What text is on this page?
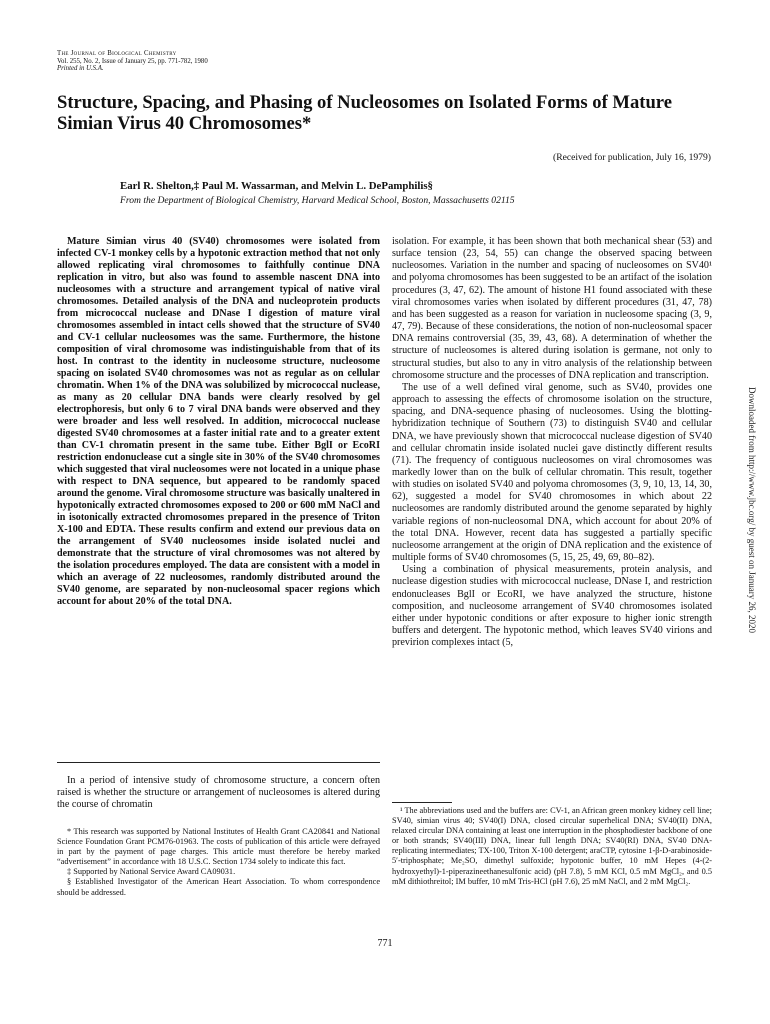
The Journal of Biological Chemistry
Vol. 255, No. 2, Issue of January 25, pp. 771-782, 1980
Printed in U.S.A.
Structure, Spacing, and Phasing of Nucleosomes on Isolated Forms of Mature Simian Virus 40 Chromosomes*
(Received for publication, July 16, 1979)
Earl R. Shelton,‡ Paul M. Wassarman, and Melvin L. DePamphilis§
From the Department of Biological Chemistry, Harvard Medical School, Boston, Massachusetts 02115

Mature Simian virus 40 (SV40) chromosomes were isolated from infected CV-1 monkey cells by a hypotonic extraction method that not only allowed replicating viral chromosomes to faithfully continue DNA replication in vitro, but also was found to assemble nascent DNA into nucleosomes with a structure and arrangement typical of native viral chromosomes. Detailed analysis of the DNA and nucleoprotein products from micrococcal nuclease and DNase I digestion of mature viral chromosomes assembled in intact cells showed that the structure of SV40 and CV-1 cellular nucleosomes was the same. Furthermore, the histone composition of viral chromosome was indistinguishable from that of its host. In contrast to the identity in nucleosome structure, nucleosome spacing on isolated SV40 chromosomes was not as regular as on cellular chromatin. When 1% of the DNA was solubilized by micrococcal nuclease, as many as 20 cellular DNA bands were clearly resolved by gel electrophoresis, but only 6 to 7 viral DNA bands were observed and they were broader and less well resolved. In addition, micrococcal nuclease digested SV40 chromosomes at a faster initial rate and to a greater extent than CV-1 chromatin present in the same tube. Either BglI or EcoRI restriction endonuclease cut a single site in 30% of the SV40 chromosomes which suggested that viral nucleosomes were not located in a unique phase with respect to DNA sequence, but appeared to be randomly spaced around the genome. Viral chromosome structure was basically unaltered in hypotonically extracted chromosomes exposed to 200 or 600 mM NaCl and in isotonically extracted chromosomes prepared in the presence of Triton X-100 and EDTA. These results confirm and extend our previous data on the arrangement of SV40 nucleosomes inside isolated nuclei and demonstrate that the structure of viral chromosomes was not altered by the isolation procedures employed. The data are consistent with a model in which an average of 22 nucleosomes, randomly distributed around the SV40 genome, are separated by non-nucleosomal spacer regions which account for about 20% of the total DNA.

In a period of intensive study of chromosome structure, a concern often raised is whether the structure or arrangement of nucleosomes is altered during the course of chromatin

* This research was supported by National Institutes of Health Grant CA20841 and National Science Foundation Grant PCM76-01963. The costs of publication of this article were defrayed in part by the payment of page charges. This article must therefore be hereby marked “advertisement” in accordance with 18 U.S.C. Section 1734 solely to indicate this fact.

‡ Supported by National Service Award CA09031.

§ Established Investigator of the American Heart Association. To whom correspondence should be addressed.

isolation. For example, it has been shown that both mechanical shear (53) and surface tension (23, 54, 55) can change the observed spacing between nucleosomes. Variation in the number and spacing of nucleosomes on SV40¹ and polyoma chromosomes has been suggested to be an artifact of the isolation procedures (3, 47, 62). The amount of histone H1 found associated with these viral chromosomes varies when isolated by different procedures (31, 47, 78) and has been suggested as a reason for variation in nucleosome spacing (3, 9, 47, 79). Because of these considerations, the notion of non-nucleosomal spacer DNA remains controversial (35, 39, 43, 68). A determination of whether the structure of nucleosomes is altered during isolation is germane, not only to structural studies, but also to any in vitro analysis of the relationship between chromosome structure and the processes of DNA replication and transcription.

The use of a well defined viral genome, such as SV40, provides one approach to assessing the effects of chromosome isolation on the structure, spacing, and DNA-sequence phasing of nucleosomes. Using the blotting-hybridization technique of Southern (73) to distinguish SV40 and cellular DNA, we have previously shown that micrococcal nuclease digestion of SV40 and cellular chromatin inside isolated nuclei gave distinctly different results (71). The frequency of contiguous nucleosomes on viral chromosomes was markedly lower than on the bulk of cellular chromatin. This result, together with studies on isolated SV40 and polyoma chromosomes (3, 9, 10, 13, 14, 30, 62), suggested a model for SV40 chromosomes in which about 22 nucleosomes are randomly distributed around the genome separated by highly variable regions of non-nucleosomal DNA, which account for about 20% of the total DNA. However, recent data has suggested a partially specific nucleosome arrangement at the origin of DNA replication and the existence of multiple forms of SV40 chromosomes (5, 15, 25, 49, 69, 80–82).

Using a combination of physical measurements, protein analysis, and nuclease digestion studies with micrococcal nuclease, DNase I, and restriction endonucleases BglI or EcoRI, we have analyzed the structure, histone composition, and nucleosome arrangement of SV40 chromosomes isolated either under hypotonic conditions or after exposure to higher ionic strength buffers and detergent. The hypotonic method, which leaves SV40 virions and previrion complexes intact (5,

¹ The abbreviations used and the buffers are: CV-1, an African green monkey kidney cell line; SV40, simian virus 40; SV40(I) DNA, closed circular superhelical DNA; SV40(II) DNA, relaxed circular DNA containing at least one interruption in the phosphodiester backbone of one or both strands; SV40(III) DNA, linear full length DNA; SV40(RI) DNA, SV40 DNA-replicating intermediates; TX-100, Triton X-100 detergent; araCTP, cytosine 1-β-D-arabinoside-5′-triphosphate; Me₂SO, dimethyl sulfoxide; hypotonic buffer, 10 mM Hepes (4-(2-hydroxyethyl)-1-piperazineethanesulfonic acid) (pH 7.8), 5 mM KCl, 0.5 mM MgCl₂, and 0.5 mM dithiothreitol; IM buffer, 10 mM Tris-HCl (pH 7.6), 25 mM NaCl, and 2 mM MgCl₂.

771
Downloaded from http://www.jbc.org/ by guest on January 26, 2020
